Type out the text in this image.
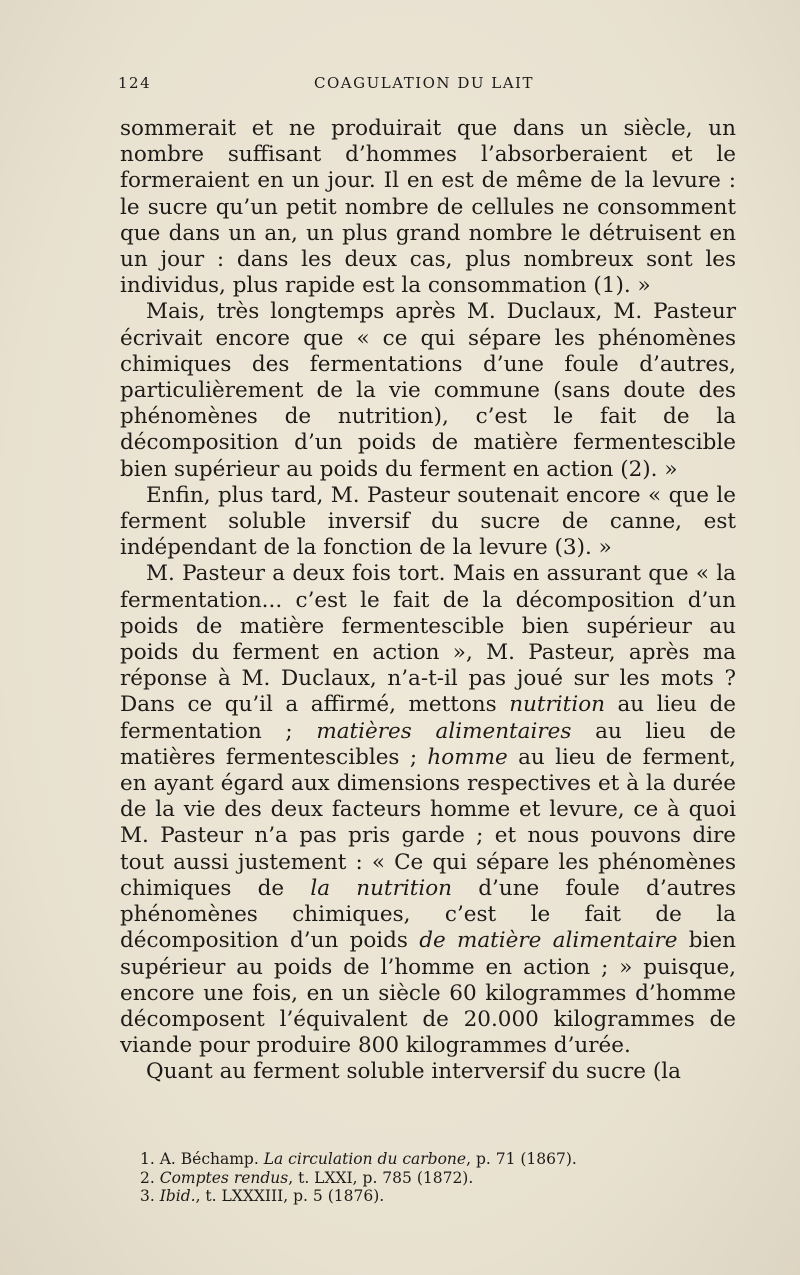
124	COAGULATION DU LAIT

sommerait et ne produirait que dans un siècle, un nombre suffisant d’hommes l’absorberaient et le formeraient en un jour. Il en est de même de la levure : le sucre qu’un petit nombre de cellules ne consomment que dans un an, un plus grand nombre le détruisent en un jour : dans les deux cas, plus nombreux sont les individus, plus rapide est la consommation (1). »

Mais, très longtemps après M. Duclaux, M. Pasteur écrivait encore que « ce qui sépare les phénomènes chimiques des fermentations d’une foule d’autres, particulièrement de la vie commune (sans doute des phénomènes de nutrition), c’est le fait de la décomposition d’un poids de matière fermentescible bien supérieur au poids du ferment en action (2). »

Enfin, plus tard, M. Pasteur soutenait encore « que le ferment soluble inversif du sucre de canne, est indépendant de la fonction de la levure (3). »

M. Pasteur a deux fois tort. Mais en assurant que « la fermentation... c’est le fait de la décomposition d’un poids de matière fermentescible bien supérieur au poids du ferment en action », M. Pasteur, après ma réponse à M. Duclaux, n’a-t-il pas joué sur les mots ? Dans ce qu’il a affirmé, mettons nutrition au lieu de fermentation ; matières alimentaires au lieu de matières fermentescibles ; homme au lieu de ferment, en ayant égard aux dimensions respectives et à la durée de la vie des deux facteurs homme et levure, ce à quoi M. Pasteur n’a pas pris garde ; et nous pouvons dire tout aussi justement : « Ce qui sépare les phénomènes chimiques de la nutrition d’une foule d’autres phénomènes chimiques, c’est le fait de la décomposition d’un poids de matière alimentaire bien supérieur au poids de l’homme en action ; » puisque, encore une fois, en un siècle 60 kilogrammes d’homme décomposent l’équivalent de 20.000 kilogrammes de viande pour produire 800 kilogrammes d’urée.

Quant au ferment soluble interversif du sucre (la

1. A. Béchamp. La circulation du carbone, p. 71 (1867).
2. Comptes rendus, t. LXXI, p. 785 (1872).
3. Ibid., t. LXXXIII, p. 5 (1876).
